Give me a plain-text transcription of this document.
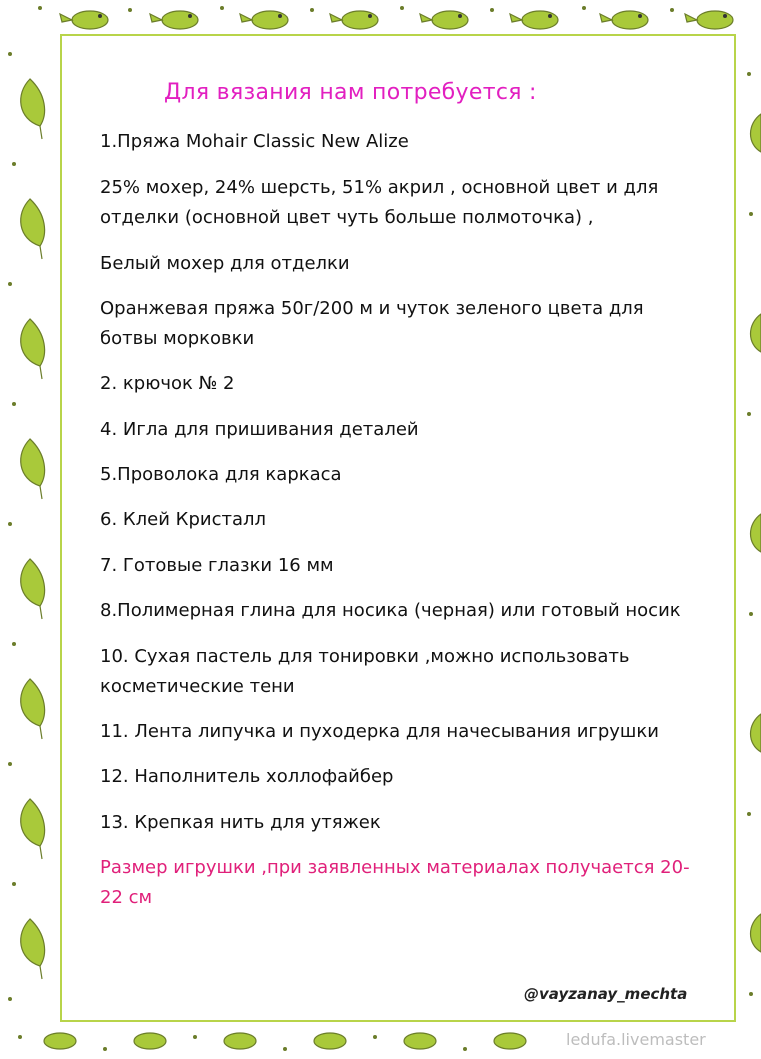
Для вязания нам потребуется :
1.Пряжа Mohair Classic New Alize
25% мохер, 24% шерсть, 51% акрил , основной цвет и для
отделки (основной цвет чуть больше полмоточка) ,
Белый мохер для отделки
Оранжевая пряжа 50г/200 м и чуток зеленого цвета для
ботвы морковки
2. крючок № 2
4. Игла для пришивания деталей
5.Проволока для каркаса
6. Клей Кристалл
7. Готовые глазки 16 мм
8.Полимерная глина для носика (черная) или готовый носик
10. Сухая пастель для тонировки ,можно использовать
косметические тени
11. Лента липучка и пуходерка для начесывания игрушки
12. Наполнитель холлофайбер
13. Крепкая нить для утяжек
Размер игрушки ,при заявленных материалах получается 20-
22 см
@vayzanay_mechta
ledufa.livemaster
